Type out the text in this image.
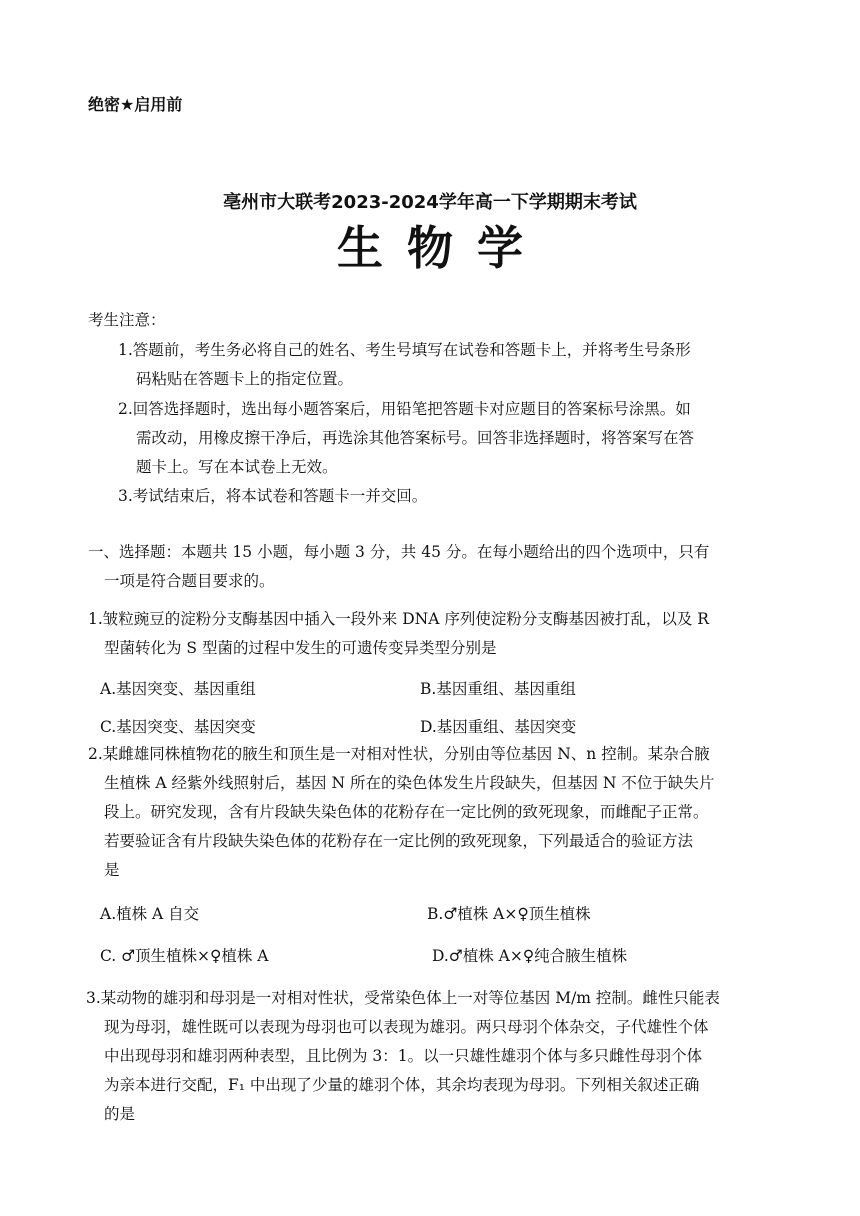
绝密★启用前
亳州市大联考2023-2024学年高一下学期期末考试
生物学
考生注意：
1.答题前，考生务必将自己的姓名、考生号填写在试卷和答题卡上，并将考生号条形
码粘贴在答题卡上的指定位置。
2.回答选择题时，选出每小题答案后，用铅笔把答题卡对应题目的答案标号涂黑。如
需改动，用橡皮擦干净后，再选涂其他答案标号。回答非选择题时，将答案写在答
题卡上。写在本试卷上无效。
3.考试结束后，将本试卷和答题卡一并交回。
一、选择题：本题共 15 小题，每小题 3 分，共 45 分。在每小题给出的四个选项中，只有
一项是符合题目要求的。
1.皱粒豌豆的淀粉分支酶基因中插入一段外来 DNA 序列使淀粉分支酶基因被打乱，以及 R
型菌转化为 S 型菌的过程中发生的可遗传变异类型分别是
A.基因突变、基因重组	B.基因重组、基因重组
C.基因突变、基因突变	D.基因重组、基因突变
2.某雌雄同株植物花的腋生和顶生是一对相对性状，分别由等位基因 N、n 控制。某杂合腋
生植株 A 经紫外线照射后，基因 N 所在的染色体发生片段缺失，但基因 N 不位于缺失片
段上。研究发现，含有片段缺失染色体的花粉存在一定比例的致死现象，而雌配子正常。
若要验证含有片段缺失染色体的花粉存在一定比例的致死现象，下列最适合的验证方法
是
A.植株 A 自交	B.♂植株 A×♀顶生植株
C. ♂顶生植株×♀植株 A	D.♂植株 A×♀纯合腋生植株
3.某动物的雄羽和母羽是一对相对性状，受常染色体上一对等位基因 M/m 控制。雌性只能表
现为母羽，雄性既可以表现为母羽也可以表现为雄羽。两只母羽个体杂交，子代雄性个体
中出现母羽和雄羽两种表型，且比例为 3：1。以一只雄性雄羽个体与多只雌性母羽个体
为亲本进行交配，F₁ 中出现了少量的雄羽个体，其余均表现为母羽。下列相关叙述正确
的是
